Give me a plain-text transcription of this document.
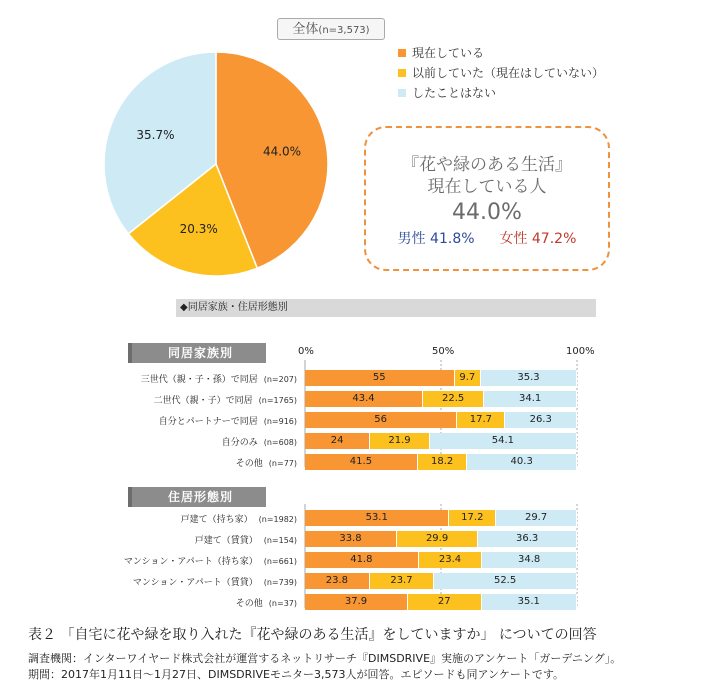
全体(n=3,573)
44.0%
20.3%
35.7%
現在している
以前していた（現在はしていない）
したことはない
『花や緑のある生活』
現在している人
44.0%
男性 41.8% 女性 47.2%
◆同居家族・住居形態別
0%	50%	100%
同居家族別
住居形態別
三世代（親・子・孫）で同居 (n=207)	55	9.7	35.3
二世代（親・子）で同居 (n=1765)	43.4	22.5	34.1
自分とパートナーで同居 (n=916)	56	17.7	26.3
自分のみ (n=608)	24	21.9	54.1
その他 (n=77)	41.5	18.2	40.3
戸建て（持ち家） (n=1982)	53.1	17.2	29.7
戸建て（賃貸） (n=154)	33.8	29.9	36.3
マンション・アパート（持ち家） (n=661)	41.8	23.4	34.8
マンション・アパート（賃貸） (n=739)	23.8	23.7	52.5
その他 (n=37)	37.9	27	35.1
表２ 「自宅に花や緑を取り入れた『花や緑のある生活』をしていますか」 についての回答
調査機関：インターワイヤード株式会社が運営するネットリサーチ『DIMSDRIVE』実施のアンケート「ガーデニング」。
期間：2017年1月11日～1月27日、DIMSDRIVEモニター3,573人が回答。エピソードも同アンケートです。
